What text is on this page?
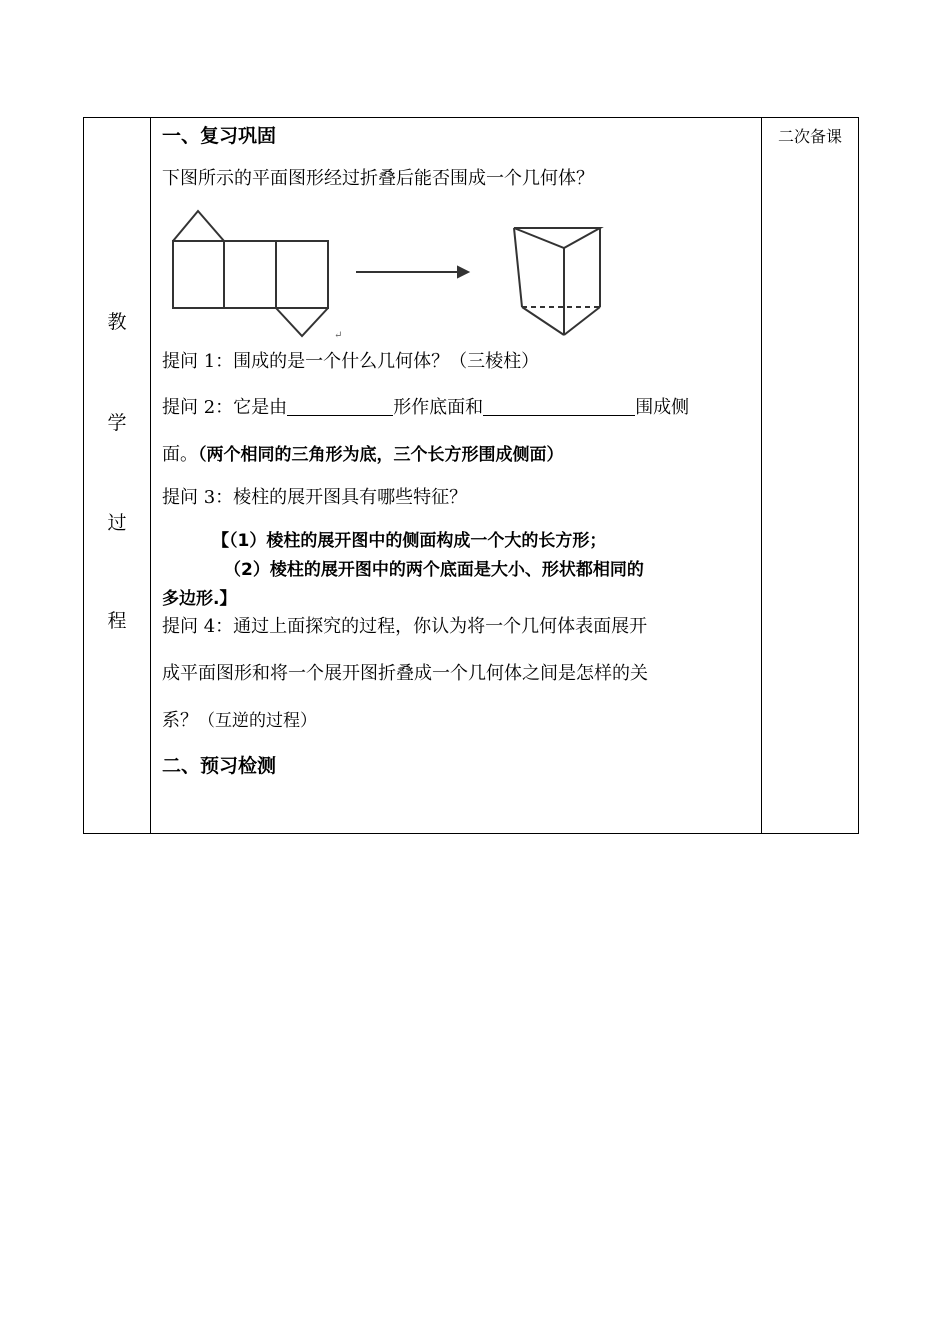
教
学
过
程
一、复习巩固
下图所示的平面图形经过折叠后能否围成一个几何体？
↵
提问 1：围成的是一个什么几何体？（三棱柱）
提问 2：它是由	形作底面和	围成侧
面。（两个相同的三角形为底，三个长方形围成侧面）
提问 3：棱柱的展开图具有哪些特征？
【（1）棱柱的展开图中的侧面构成一个大的长方形；
（2）棱柱的展开图中的两个底面是大小、形状都相同的
多边形.】
提问 4：通过上面探究的过程，你认为将一个几何体表面展开
成平面图形和将一个展开图折叠成一个几何体之间是怎样的关
系？（互逆的过程）
二、预习检测
二次备课
